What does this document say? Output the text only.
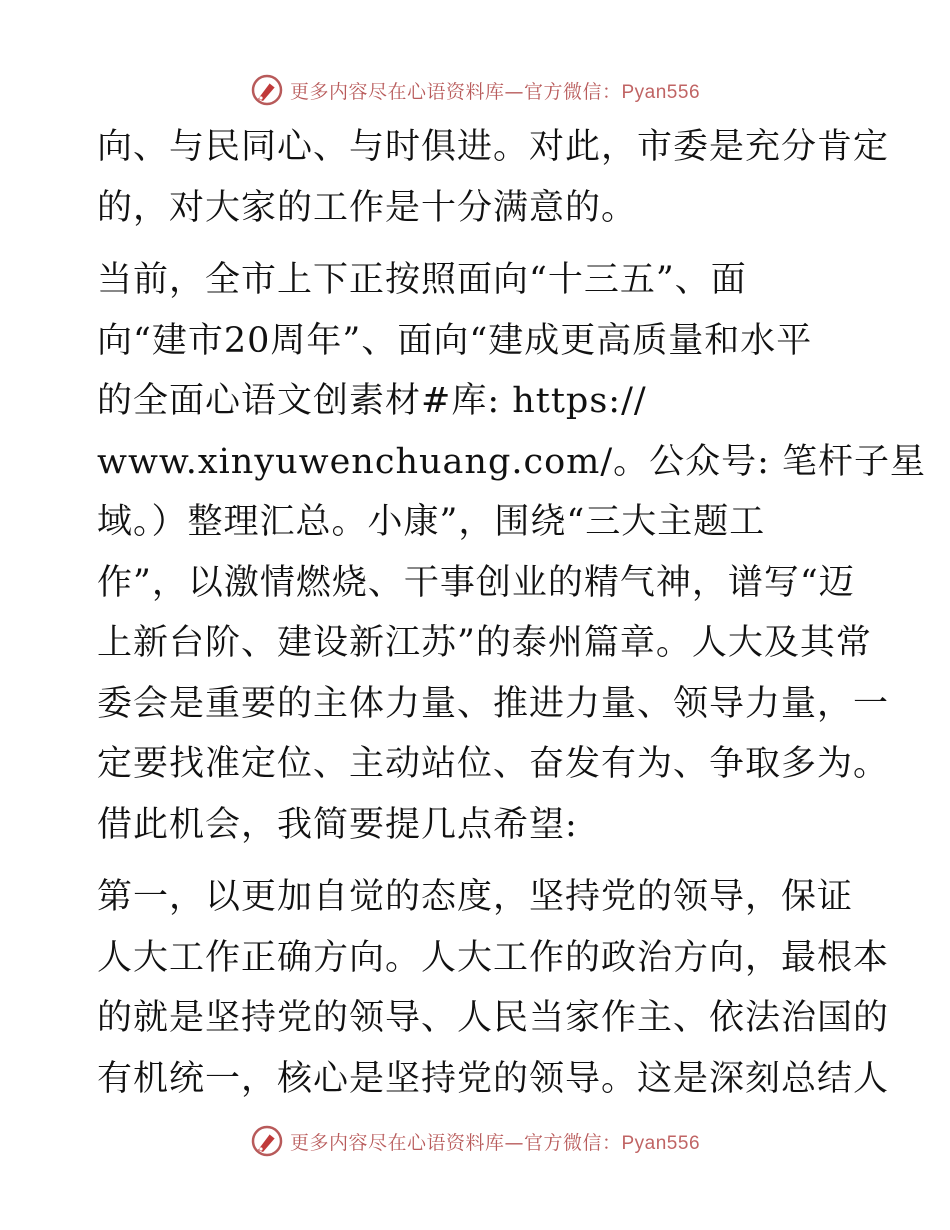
更多内容尽在心语资料库—官方微信：Pyan556

向、与民同心、与时俱进。对此，市委是充分肯定
的，对大家的工作是十分满意的。

当前，全市上下正按照面向“十三五”、面
向“建市20周年”、面向“建成更高质量和水平
的全面心语文创素材#库: https://
www.xinyuwenchuang.com/。公众号: 笔杆子星
域。）整理汇总。小康”，围绕“三大主题工
作”，以激情燃烧、干事创业的精气神，谱写“迈
上新台阶、建设新江苏”的泰州篇章。人大及其常
委会是重要的主体力量、推进力量、领导力量，一
定要找准定位、主动站位、奋发有为、争取多为。
借此机会，我简要提几点希望:

第一，以更加自觉的态度，坚持党的领导，保证
人大工作正确方向。人大工作的政治方向，最根本
的就是坚持党的领导、人民当家作主、依法治国的
有机统一，核心是坚持党的领导。这是深刻总结人

更多内容尽在心语资料库—官方微信：Pyan556
